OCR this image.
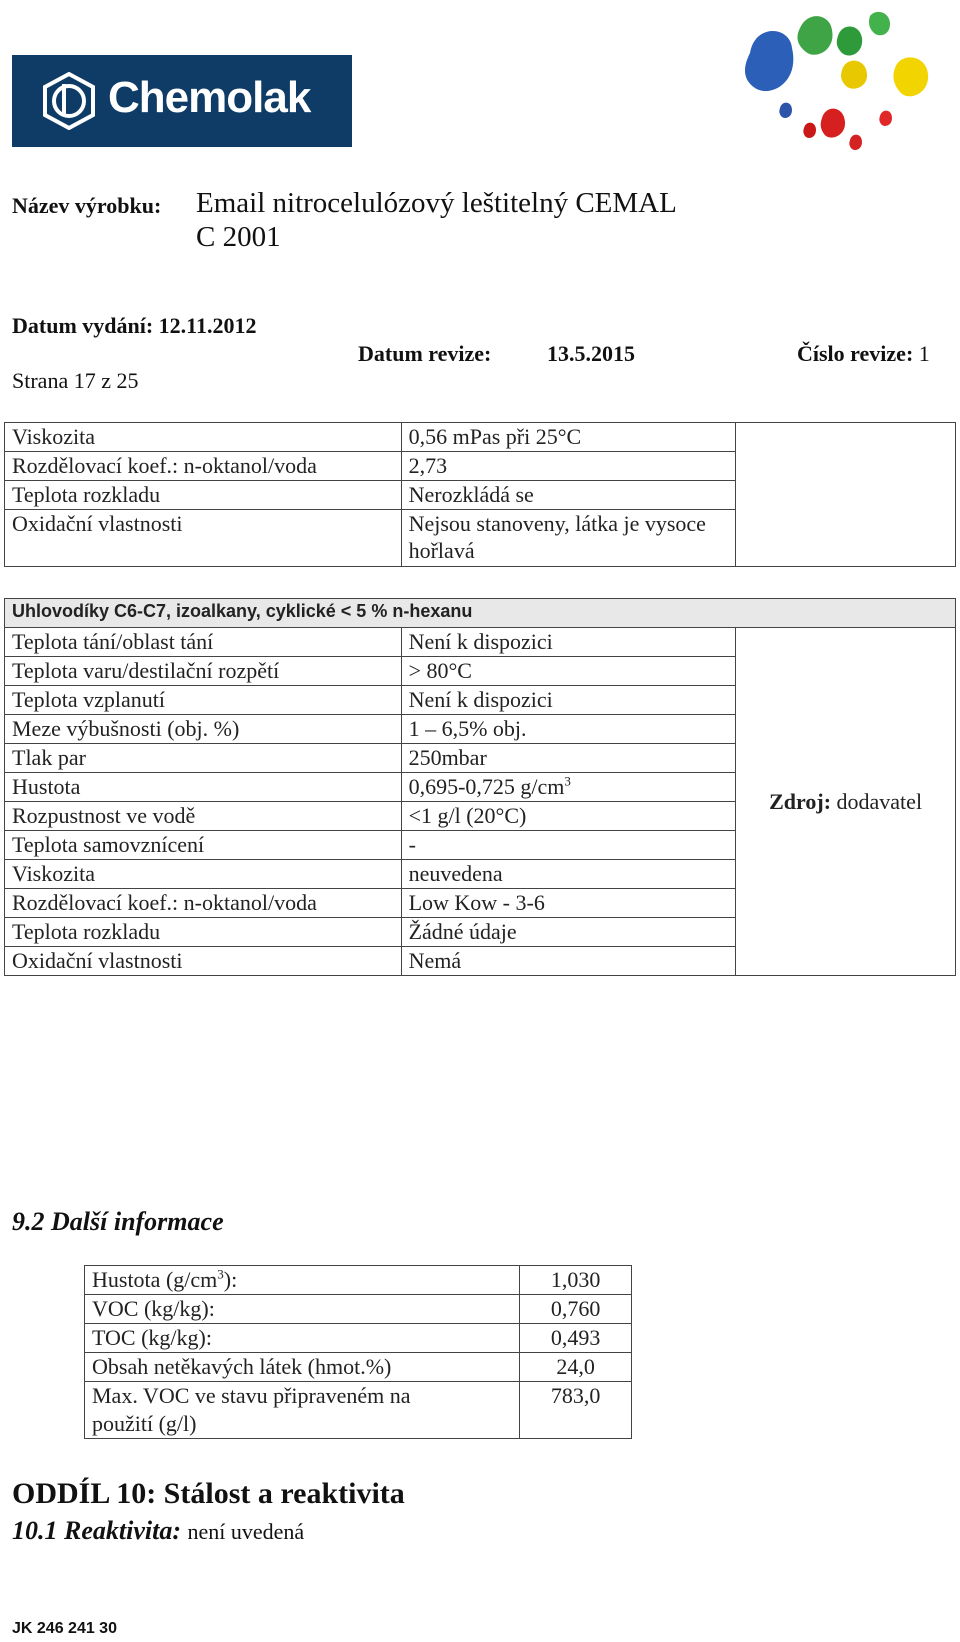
Chemolak
Název výrobku: Email nitrocelulózový leštitelný CEMAL
C 2001
Datum vydání: 12.11.2012
Datum revize:	13.5.2015	Číslo revize: 1
Strana 17 z 25
Viskozita	0,56 mPas při 25°C	
Rozdělovací koef.: n-oktanol/voda	2,73	
Teplota rozkladu	Nerozkládá se	
Oxidační vlastnosti	Nejsou stanoveny, látka je vysoce hořlavá	
Uhlovodíky C6-C7, izoalkany, cyklické < 5 % n-hexanu		
Teplota tání/oblast tání	Není k dispozici	Zdroj: dodavatel
Teplota varu/destilační rozpětí	> 80°C	
Teplota vzplanutí	Není k dispozici	
Meze výbušnosti (obj. %)	1 – 6,5% obj.	
Tlak par	250mbar	
Hustota	0,695-0,725 $g/cm^3$
Rozpustnost ve vodě	<1 g/l (20°C)	
Teplota samovznícení	-	
Viskozita	neuvedena	
Rozdělovací koef.: n-oktanol/voda	Low Kow - 3-6	
Teplota rozkladu	Žádné údaje	
Oxidační vlastnosti	Nemá	
9.2 Další informace
Hustota $(g/cm^3)$:	1,030
VOC (kg/kg):	0,760
TOC (kg/kg):	0,493
Obsah netěkavých látek (hmot.%)	24,0
Max. VOC ve stavu připraveném na použití (g/l)	783,0
ODDÍL 10: Stálost a reaktivita
10.1 Reaktivita: není uvedená
JK 246 241 30
